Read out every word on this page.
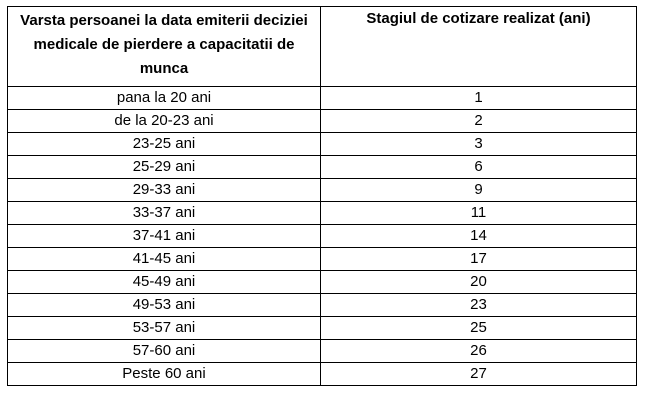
Varsta persoanei la data emiterii deciziei medicale de pierdere a capacitatii de munca	Stagiul de cotizare realizat (ani)
pana la 20 ani	1
de la 20-23 ani	2
23-25 ani	3
25-29 ani	6
29-33 ani	9
33-37 ani	11
37-41 ani	14
41-45 ani	17
45-49 ani	20
49-53 ani	23
53-57 ani	25
57-60 ani	26
Peste 60 ani	27
